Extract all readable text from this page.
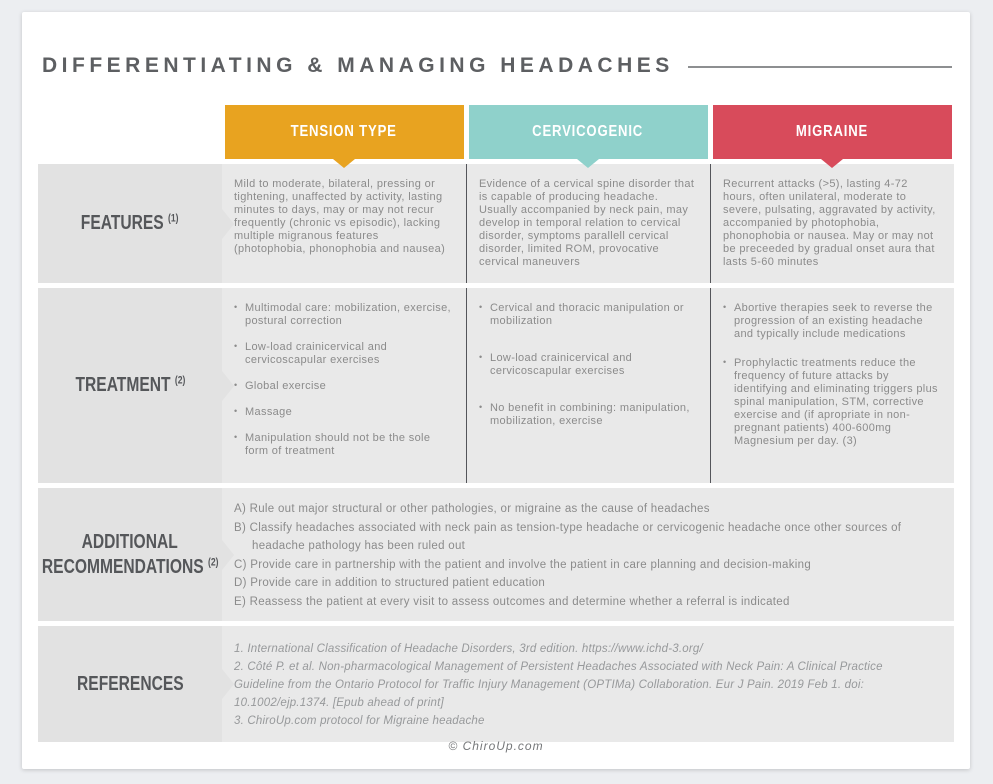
DIFFERENTIATING & MANAGING HEADACHES
TENSION TYPE	CERVICOGENIC	MIGRAINE
FEATURES $^{(1)}$

Mild to moderate, bilateral, pressing or tightening, unaffected by activity, lasting minutes to days, may or may not recur frequently (chronic vs episodic), lacking multiple migranous features (photophobia, phonophobia and nausea)

Evidence of a cervical spine disorder that is capable of producing headache. Usually accompanied by neck pain, may develop in temporal relation to cervical disorder, symptoms parallell cervical disorder, limited ROM, provocative cervical maneuvers

Recurrent attacks (>5), lasting 4-72 hours, often unilateral, moderate to severe, pulsating, aggravated by activity, accompanied by photophobia, phonophobia or nausea. May or may not be preceeded by gradual onset aura that lasts 5-60 minutes

TREATMENT $^{(2)}$
• Multimodal care: mobilization, exercise, postural correction
• Low-load crainicervical and cervicoscapular exercises
• Global exercise
• Massage
• Manipulation should not be the sole form of treatment
• Cervical and thoracic manipulation or mobilization
• Low-load crainicervical and cervicoscapular exercises
• No benefit in combining: manipulation, mobilization, exercise
• Abortive therapies seek to reverse the progression of an existing headache and typically include medications
• Prophylactic treatments reduce the frequency of future attacks by identifying and eliminating triggers plus spinal manipulation, STM, corrective exercise and (if apropriate in non-pregnant patients) 400-600mg Magnesium per day. (3)
ADDITIONAL
RECOMMENDATIONS $^{(2)}$
A) Rule out major structural or other pathologies, or migraine as the cause of headaches
B) Classify headaches associated with neck pain as tension-type headache or cervicogenic headache once other sources of headache pathology has been ruled out
C) Provide care in partnership with the patient and involve the patient in care planning and decision-making
D) Provide care in addition to structured patient education
E) Reassess the patient at every visit to assess outcomes and determine whether a referral is indicated
REFERENCES
1. International Classification of Headache Disorders, 3rd edition. https://www.ichd-3.org/
2. Côté P. et al. Non-pharmacological Management of Persistent Headaches Associated with Neck Pain: A Clinical Practice Guideline from the Ontario Protocol for Traffic Injury Management (OPTIMa) Collaboration. Eur J Pain. 2019 Feb 1. doi: 10.1002/ejp.1374. [Epub ahead of print]
3. ChiroUp.com protocol for Migraine headache
© ChiroUp.com
